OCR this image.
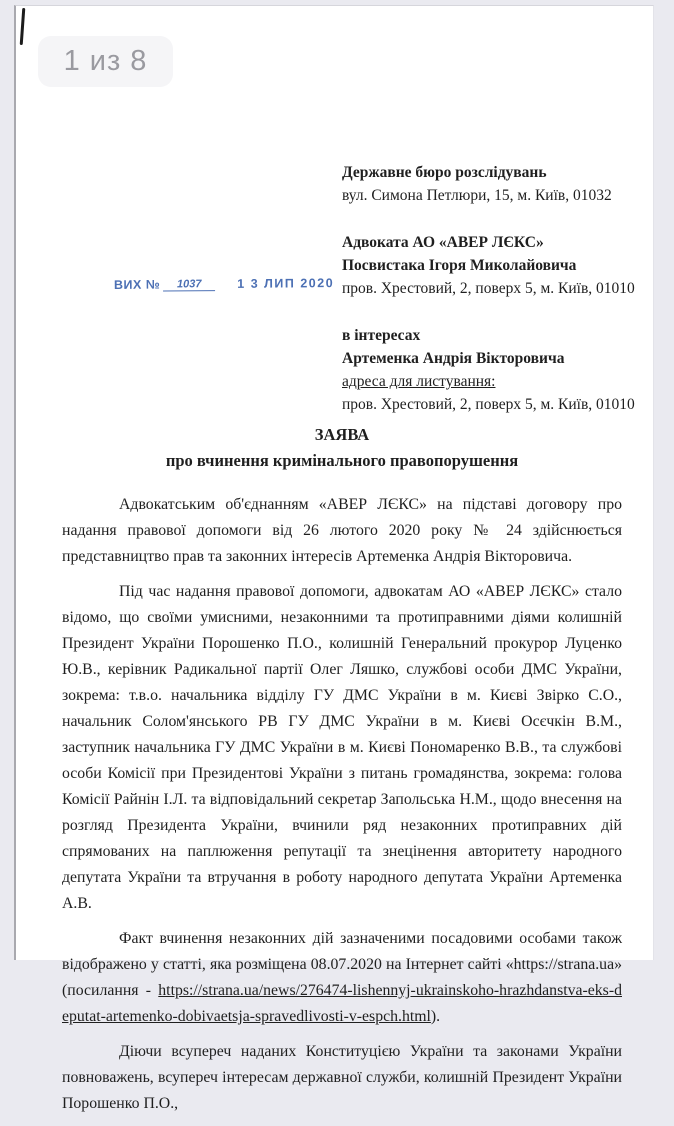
Державне бюро розслідувань
вул. Симона Петлюри, 15, м. Київ, 01032
Адвоката АО «АВЕР ЛЄКС»
Посвистака Ігоря Миколайовича
пров. Хрестовий, 2, поверх 5, м. Київ, 01010
в інтересах
Артеменка Андрія Вікторовича
адреса для листування:
пров. Хрестовий, 2, поверх 5, м. Київ, 01010
ВИХ № 1037	1 3 ЛИП 2020
ЗАЯВА
про вчинення кримінального правопорушення

Адвокатським об'єднанням «АВЕР ЛЄКС» на підставі договору про надання правової допомоги від 26 лютого 2020 року № 24 здійснюється представництво прав та законних інтересів Артеменка Андрія Вікторовича.

Під час надання правової допомоги, адвокатам АО «АВЕР ЛЄКС» стало відомо, що своїми умисними, незаконними та протиправними діями колишній Президент України Порошенко П.О., колишній Генеральний прокурор Луценко Ю.В., керівник Радикальної партії Олег Ляшко, службові особи ДМС України, зокрема: т.в.о. начальника відділу ГУ ДМС України в м. Києві Звірко С.О., начальник Солом'янського РВ ГУ ДМС України в м. Києві Осєчкін В.М., заступник начальника ГУ ДМС України в м. Києві Пономаренко В.В., та службові особи Комісії при Президентові України з питань громадянства, зокрема: голова Комісії Райнін І.Л. та відповідальний секретар Запольська Н.М., щодо внесення на розгляд Президента України, вчинили ряд незаконних протиправних дій спрямованих на паплюження репутації та знецінення авторитету народного депутата України та втручання в роботу народного депутата України Артеменка А.В.

Факт вчинення незаконних дій зазначеними посадовими особами також відображено у статті, яка розміщена 08.07.2020 на Інтернет сайті «https://strana.ua» (посилання - https://strana.ua/news/276474-lishennyj-ukrainskoho-hrazhdanstva-eks-deputat-artemenko-dobivaetsja-spravedlivosti-v-espch.html).

Діючи всупереч наданих Конституцією України та законами України повноважень, всупереч інтересам державної служби, колишній Президент України Порошенко П.О.,

1 из 8
